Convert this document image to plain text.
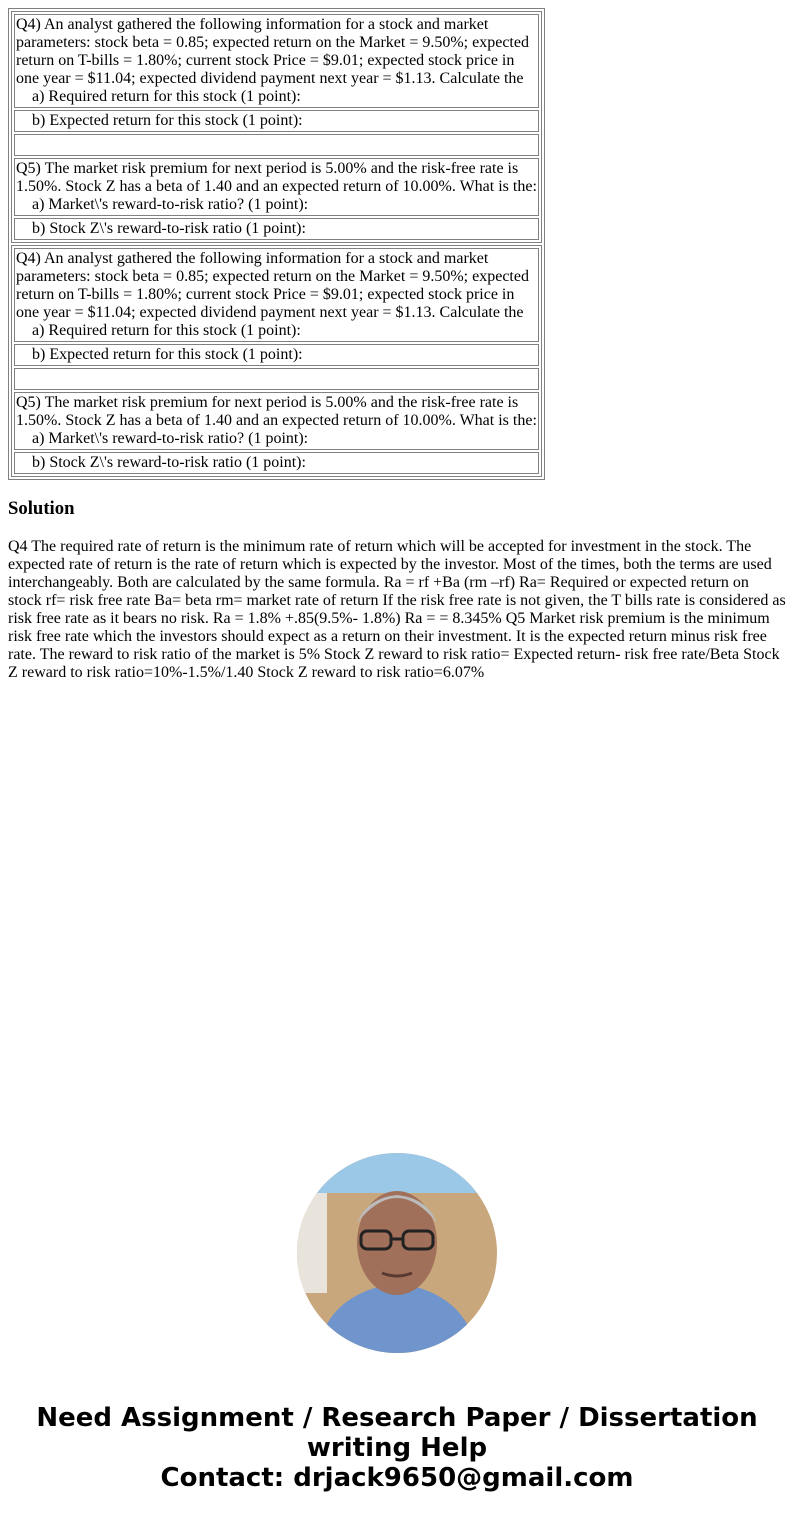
Q4) An analyst gathered the following information for a stock and market parameters: stock beta = 0.85; expected return on the Market = 9.50%; expected return on T-bills = 1.80%; current stock Price = $9.01; expected stock price in one year = $11.04; expected dividend payment next year = $1.13. Calculate the
a) Required return for this stock (1 point):
b) Expected return for this stock (1 point):

Q5) The market risk premium for next period is 5.00% and the risk-free rate is 1.50%. Stock Z has a beta of 1.40 and an expected return of 10.00%. What is the:
a) Market\'s reward-to-risk ratio? (1 point):
b) Stock Z\'s reward-to-risk ratio (1 point):

Q4) An analyst gathered the following information for a stock and market parameters: stock beta = 0.85; expected return on the Market = 9.50%; expected return on T-bills = 1.80%; current stock Price = $9.01; expected stock price in one year = $11.04; expected dividend payment next year = $1.13. Calculate the
a) Required return for this stock (1 point):
b) Expected return for this stock (1 point):

Q5) The market risk premium for next period is 5.00% and the risk-free rate is 1.50%. Stock Z has a beta of 1.40 and an expected return of 10.00%. What is the:
a) Market\'s reward-to-risk ratio? (1 point):
b) Stock Z\'s reward-to-risk ratio (1 point):
Solution

Q4 The required rate of return is the minimum rate of return which will be accepted for investment in the stock. The expected rate of return is the rate of return which is expected by the investor. Most of the times, both the terms are used interchangeably. Both are calculated by the same formula. Ra = rf +Ba (rm –rf) Ra= Required or expected return on stock rf= risk free rate Ba= beta rm= market rate of return If the risk free rate is not given, the T bills rate is considered as risk free rate as it bears no risk. Ra = 1.8% +.85(9.5%- 1.8%) Ra = = 8.345% Q5 Market risk premium is the minimum risk free rate which the investors should expect as a return on their investment. It is the expected return minus risk free rate. The reward to risk ratio of the market is 5% Stock Z reward to risk ratio= Expected return- risk free rate/Beta Stock Z reward to risk ratio=10%-1.5%/1.40 Stock Z reward to risk ratio=6.07%

Need Assignment / Research Paper / Dissertation writing Help
Contact: drjack9650@gmail.com
